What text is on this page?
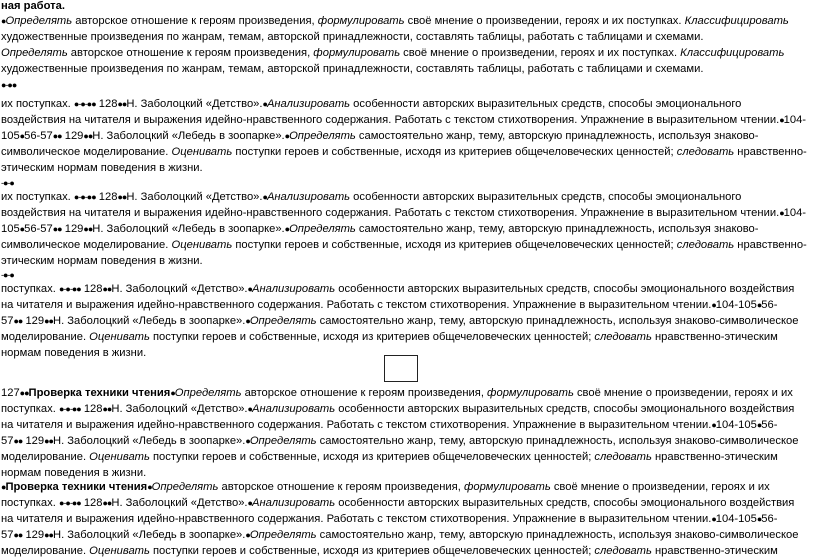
ная работа.
●Определять авторское отношение к героям произведения, формулировать своё мнение о произведении, героях и их поступках. Классифицировать
художественные произведения по жанрам, темам, авторской принадлежности, составлять таблицы, работать с таблицами и схемами.
Определять авторское отношение к героям произведения, формулировать своё мнение о произведении, героях и их поступках. Классифицировать
художественные произведения по жанрам, темам, авторской принадлежности, составлять таблицы, работать с таблицами и схемами.
●-●●
их поступках. ●-●-●● 128●●Н. Заболоцкий «Детство».●Анализировать особенности авторских выразительных средств, способы эмоционального
воздействия на читателя и выражения идейно-нравственного содержания. Работать с текстом стихотворения. Упражнение в выразительном чтении.●104-
105●56-57●● 129●●Н. Заболоцкий «Лебедь в зоопарке».●Определять самостоятельно жанр, тему, авторскую принадлежность, используя знаково-
символическое моделирование. Оценивать поступки героев и собственные, исходя из критериев общечеловеческих ценностей; следовать нравственно-
этическим нормам поведения в жизни.
-●-●
их поступках. ●-●-●● 128●●Н. Заболоцкий «Детство».●Анализировать особенности авторских выразительных средств, способы эмоционального
воздействия на читателя и выражения идейно-нравственного содержания. Работать с текстом стихотворения. Упражнение в выразительном чтении.●104-
105●56-57●● 129●●Н. Заболоцкий «Лебедь в зоопарке».●Определять самостоятельно жанр, тему, авторскую принадлежность, используя знаково-
символическое моделирование. Оценивать поступки героев и собственные, исходя из критериев общечеловеческих ценностей; следовать нравственно-
этическим нормам поведения в жизни.
-●-●
поступках. ●-●-●● 128●●Н. Заболоцкий «Детство».●Анализировать особенности авторских выразительных средств, способы эмоционального воздействия
на читателя и выражения идейно-нравственного содержания. Работать с текстом стихотворения. Упражнение в выразительном чтении.●104-105●56-
57●● 129●●Н. Заболоцкий «Лебедь в зоопарке».●Определять самостоятельно жанр, тему, авторскую принадлежность, используя знаково-символическое
моделирование. Оценивать поступки героев и собственные, исходя из критериев общечеловеческих ценностей; следовать нравственно-этическим
нормам поведения в жизни.
127●●Проверка техники чтения●Определять авторское отношение к героям произведения, формулировать своё мнение о произведении, героях и их
поступках. ●-●-●● 128●●Н. Заболоцкий «Детство».●Анализировать особенности авторских выразительных средств, способы эмоционального воздействия
на читателя и выражения идейно-нравственного содержания. Работать с текстом стихотворения. Упражнение в выразительном чтении.●104-105●56-
57●● 129●●Н. Заболоцкий «Лебедь в зоопарке».●Определять самостоятельно жанр, тему, авторскую принадлежность, используя знаково-символическое
моделирование. Оценивать поступки героев и собственные, исходя из критериев общечеловеческих ценностей; следовать нравственно-этическим
нормам поведения в жизни.
●Проверка техники чтения●Определять авторское отношение к героям произведения, формулировать своё мнение о произведении, героях и их
поступках. ●-●-●● 128●●Н. Заболоцкий «Детство».●Анализировать особенности авторских выразительных средств, способы эмоционального воздействия
на читателя и выражения идейно-нравственного содержания. Работать с текстом стихотворения. Упражнение в выразительном чтении.●104-105●56-
57●● 129●●Н. Заболоцкий «Лебедь в зоопарке».●Определять самостоятельно жанр, тему, авторскую принадлежность, используя знаково-символическое
моделирование. Оценивать поступки героев и собственные, исходя из критериев общечеловеческих ценностей; следовать нравственно-этическим
